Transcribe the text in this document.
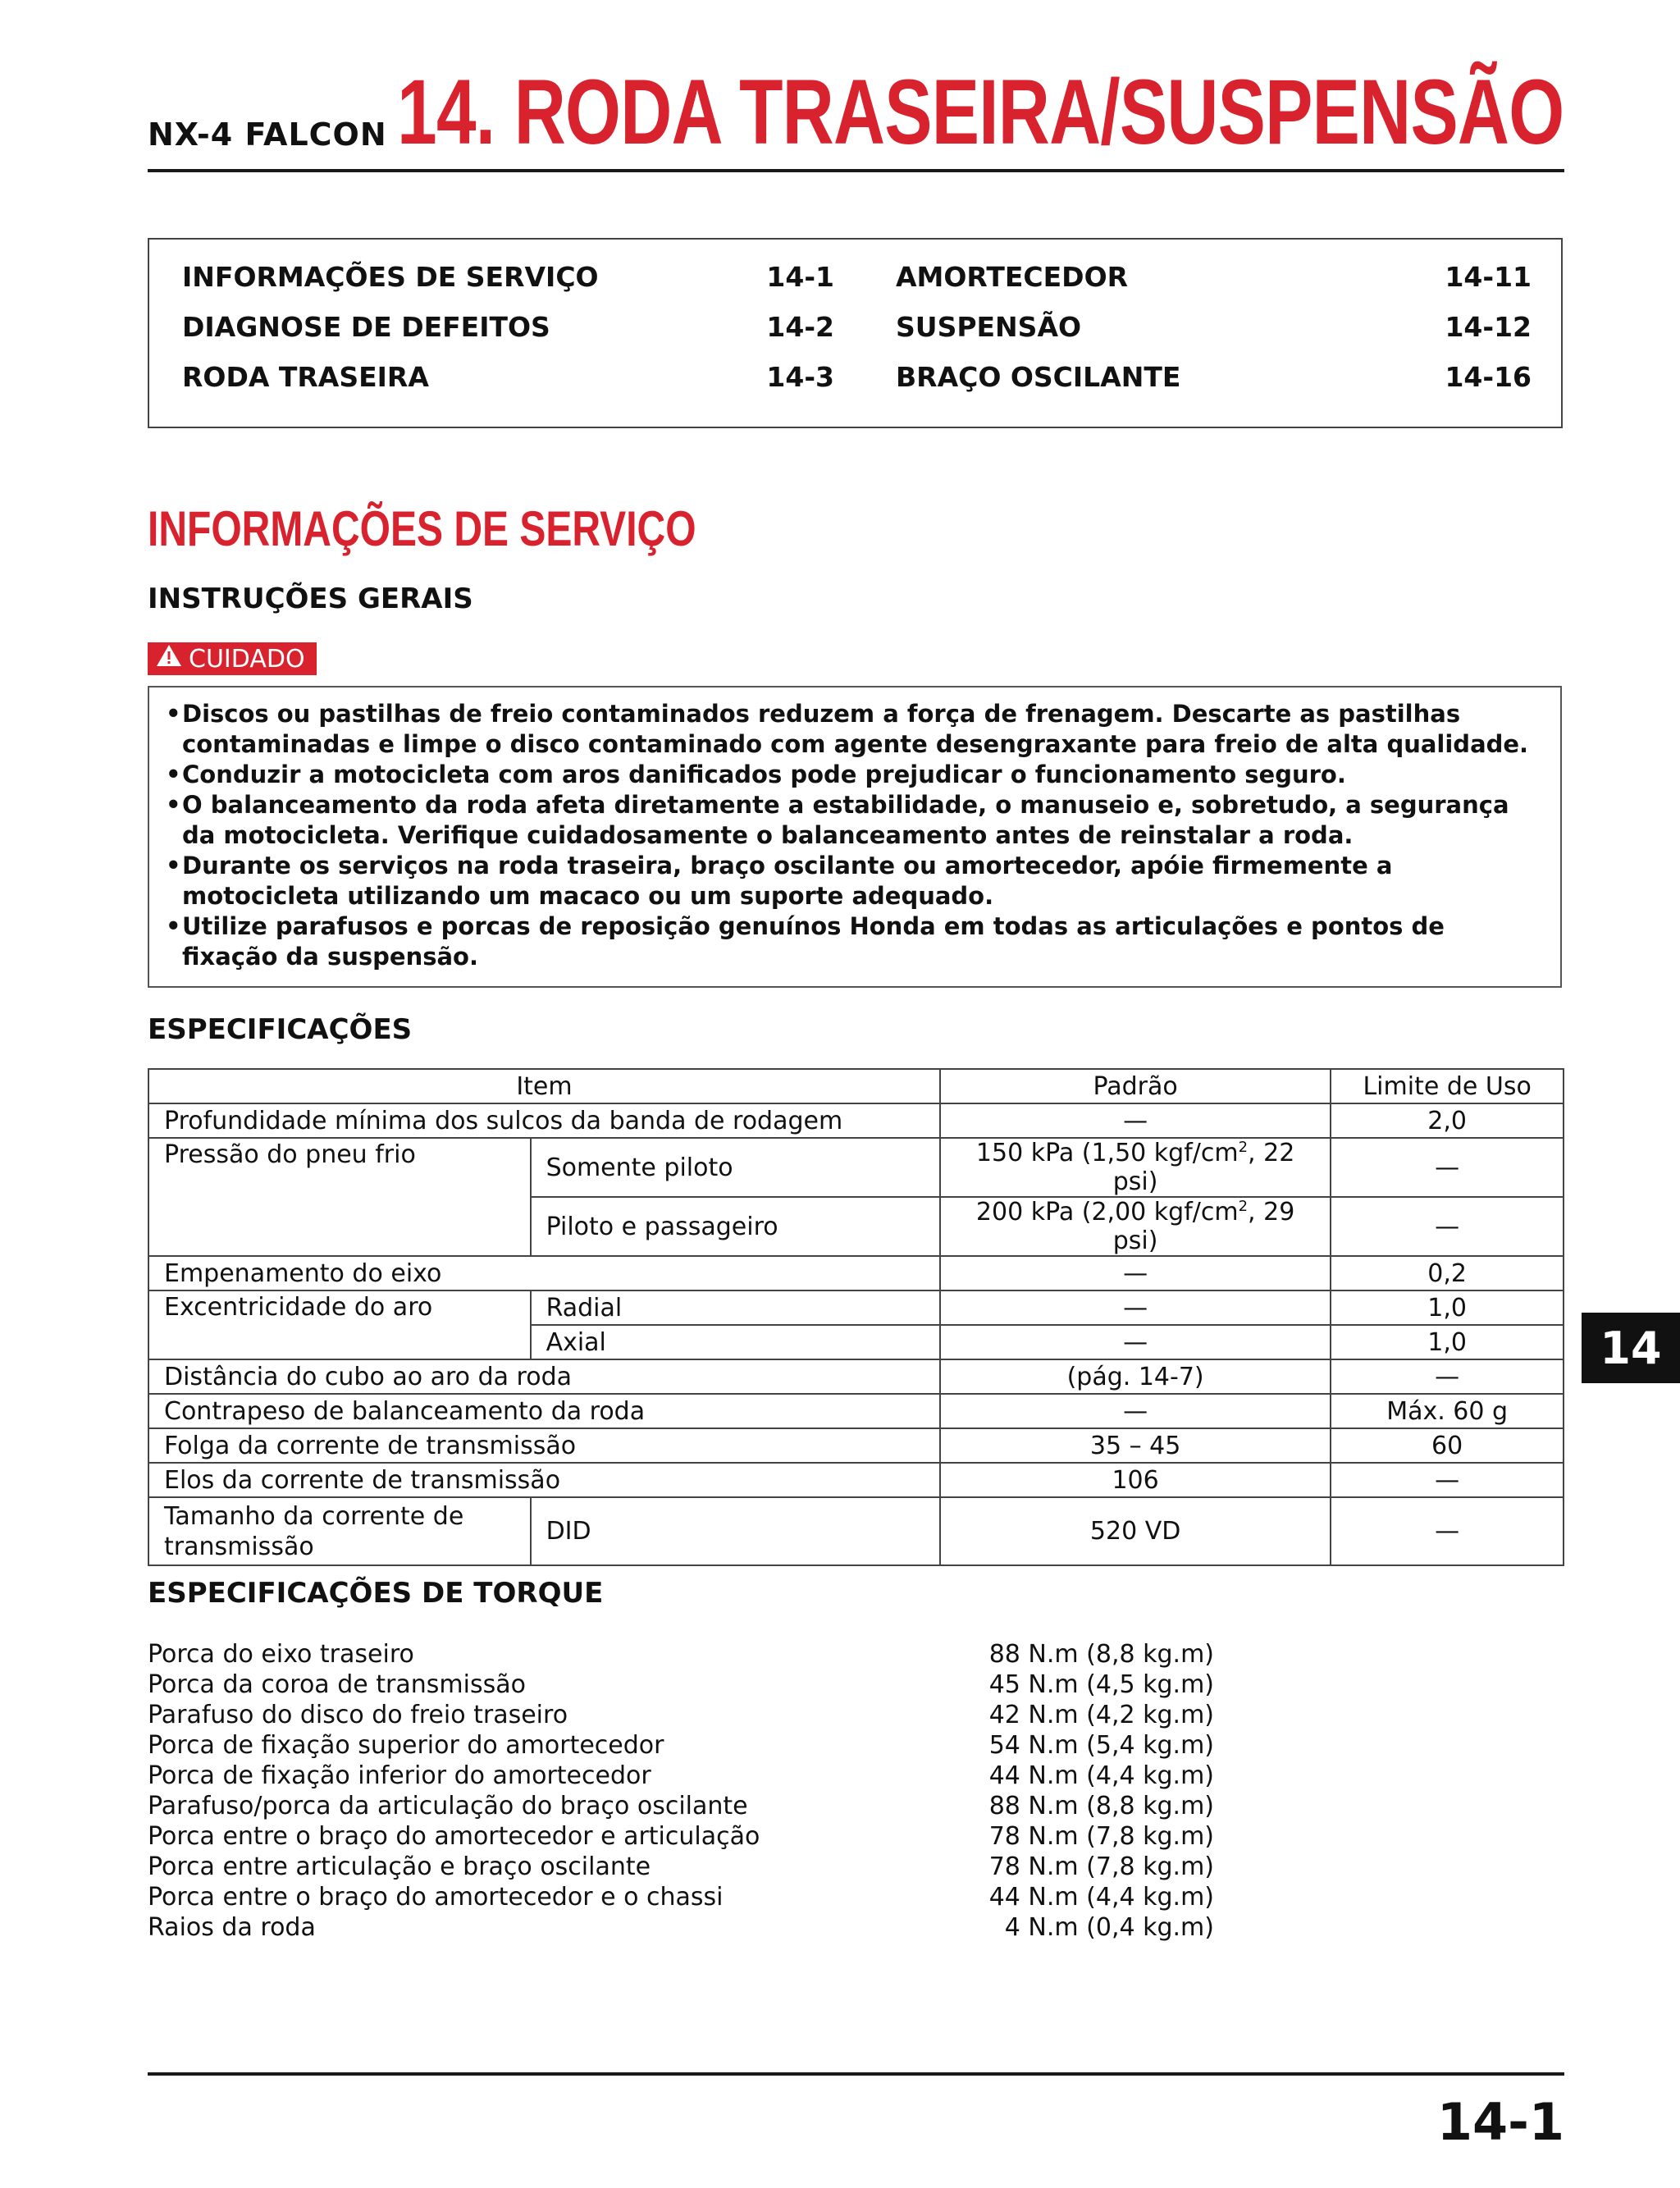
NX-4 FALCON 14. RODA TRASEIRA/SUSPENSÃO
INFORMAÇÕES DE SERVIÇO	14-1
DIAGNOSE DE DEFEITOS	14-2
RODA TRASEIRA	14-3
AMORTECEDOR	14-11
SUSPENSÃO	14-12
BRAÇO OSCILANTE	14-16
INFORMAÇÕES DE SERVIÇO
INSTRUÇÕES GERAIS
CUIDADO
• Discos ou pastilhas de freio contaminados reduzem a força de frenagem. Descarte as pastilhas contaminadas e limpe o disco contaminado com agente desengraxante para freio de alta qualidade.
• Conduzir a motocicleta com aros danificados pode prejudicar o funcionamento seguro.
• O balanceamento da roda afeta diretamente a estabilidade, o manuseio e, sobretudo, a segurança da motocicleta. Verifique cuidadosamente o balanceamento antes de reinstalar a roda.
• Durante os serviços na roda traseira, braço oscilante ou amortecedor, apóie firmemente a motocicleta utilizando um macaco ou um suporte adequado.
• Utilize parafusos e porcas de reposição genuínos Honda em todas as articulações e pontos de fixação da suspensão.
ESPECIFICAÇÕES
Item		Padrão	Limite de Uso
Profundidade mínima dos sulcos da banda de rodagem		—	2,0
Pressão do pneu frio	Somente piloto	150 kPa (1,50 kgf/$cm^2$, 22 psi)	—
	Piloto e passageiro	200 kPa (2,00 kgf/$cm^2$, 29 psi)	—
Empenamento do eixo		—	0,2
Excentricidade do aro	Radial	—	1,0
	Axial	—	1,0
Distância do cubo ao aro da roda		(pág. 14-7)	—
Contrapeso de balanceamento da roda		—	Máx. 60 g
Folga da corrente de transmissão		35 – 45	60
Elos da corrente de transmissão		106	—
Tamanho da corrente de
transmissão	DID	520 VD	—
14
ESPECIFICAÇÕES DE TORQUE
Porca do eixo traseiro	88 N.m (8,8 kg.m)
Porca da coroa de transmissão	45 N.m (4,5 kg.m)
Parafuso do disco do freio traseiro	42 N.m (4,2 kg.m)
Porca de fixação superior do amortecedor	54 N.m (5,4 kg.m)
Porca de fixação inferior do amortecedor	44 N.m (4,4 kg.m)
Parafuso/porca da articulação do braço oscilante	88 N.m (8,8 kg.m)
Porca entre o braço do amortecedor e articulação	78 N.m (7,8 kg.m)
Porca entre articulação e braço oscilante	78 N.m (7,8 kg.m)
Porca entre o braço do amortecedor e o chassi	44 N.m (4,4 kg.m)
Raios da roda	4 N.m (0,4 kg.m)
14-1
